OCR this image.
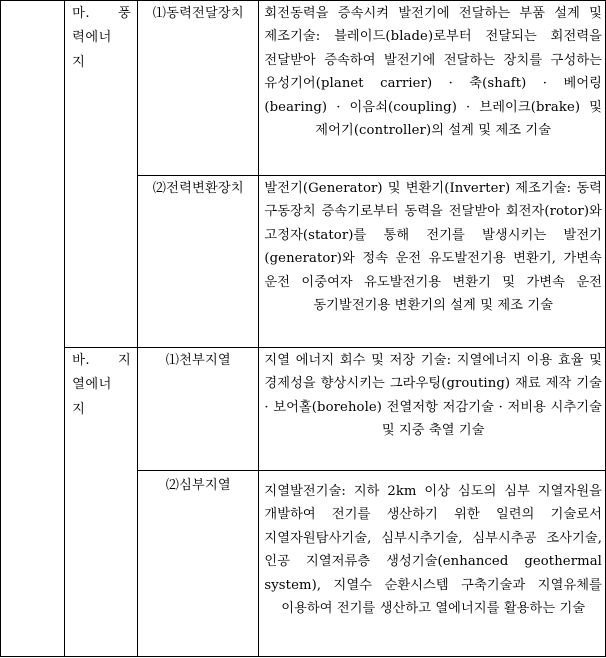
	마. 풍
력에너
지	⑴동력전달장치	회전동력을 증속시켜 발전기에 전달하는 부품 설계 및 제조기술: 블레이드(blade)로부터 전달되는 회전력을 전달받아 증속하여 발전기에 전달하는 장치를 구성하는 유성기어(planet carrier) · 축(shaft) · 베어링(bearing) · 이음쇠(coupling) · 브레이크(brake) 및 제어기(controller)의 설계 및 제조 기술

		⑵전력변환장치	발전기(Generator) 및 변환기(Inverter) 제조기술: 동력 구동장치 증속기로부터 동력을 전달받아 회전자(rotor)와 고정자(stator)를 통해 전기를 발생시키는 발전기(generator)와 정속 운전 유도발전기용 변환기, 가변속 운전 이중여자 유도발전기용 변환기 및 가변속 운전 동기발전기용 변환기의 설계 및 제조 기술

	바. 지
열에너
지	⑴천부지열	지열 에너지 회수 및 저장 기술: 지열에너지 이용 효율 및 경제성을 향상시키는 그라우팅(grouting) 재료 제작 기술 · 보어홀(borehole) 전열저항 저감기술 · 저비용 시추기술 및 지중 축열 기술

		⑵심부지열	지열발전기술: 지하 2km 이상 심도의 심부 지열자원을 개발하여 전기를 생산하기 위한 일련의 기술로서 지열자원탐사기술, 심부시추기술, 심부시추공 조사기술, 인공 지열저류층 생성기술(enhanced geothermal system), 지열수 순환시스템 구축기술과 지열유체를 이용하여 전기를 생산하고 열에너지를 활용하는 기술
